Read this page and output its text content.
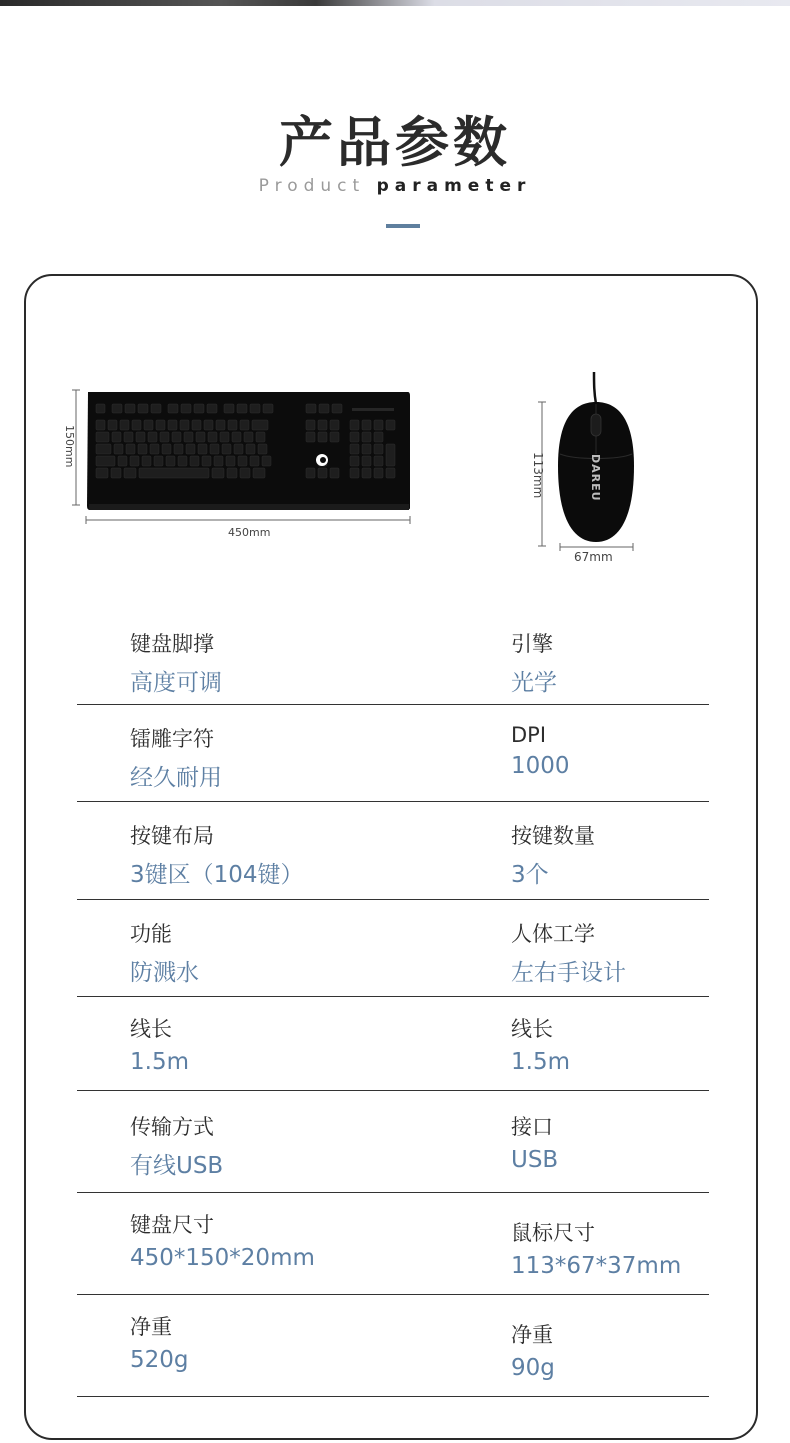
产品参数
Product parameter
150mm
450mm
DAREU
113mm
67mm
键盘脚撑
高度可调
引擎
光学
镭雕字符
经久耐用
DPI
1000
按键布局
3键区（104键）
按键数量
3个
功能
防溅水
人体工学
左右手设计
线长
1.5m
线长
1.5m
传输方式
有线USB
接口
USB
键盘尺寸
450*150*20mm
鼠标尺寸
113*67*37mm
净重
520g
净重
90g
